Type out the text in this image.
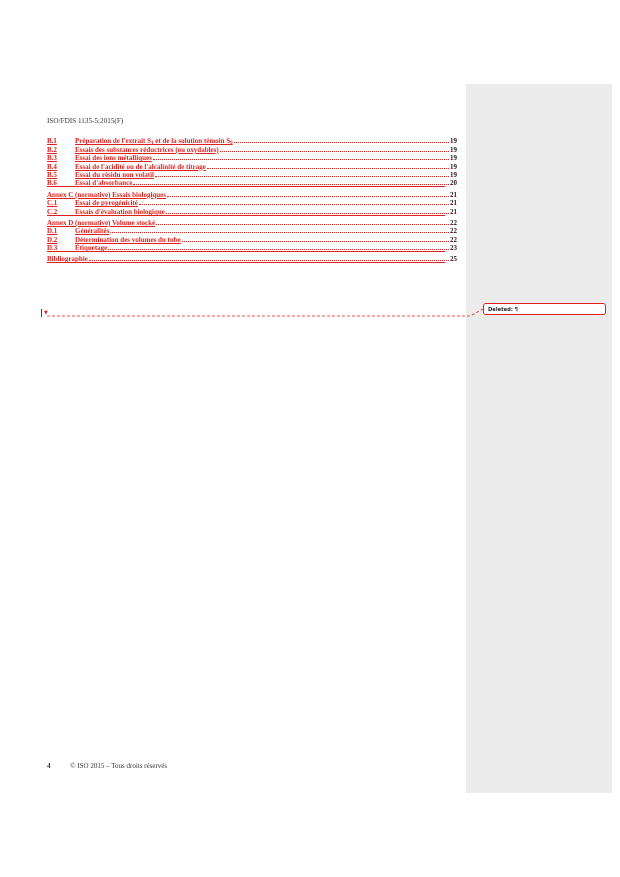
ISO/FDIS 1135-5:2015(F)
B.1	Préparation de l'extrait $S_1$ et de la solution témoin $S_0$	19
B.2	Essais des substances réductrices (ou oxydables)	19
B.3	Essai des ions métalliques	19
B.4	Essai de l'acidité ou de l'alcalinité de titrage	19
B.5	Essai du résidu non volatil	19
B.6	Essai d'absorbance	20
Annex C (normative) Essais biologiques	21
C.1	Essai de pyrogénicité	21
C.2	Essais d'évaluation biologique	21
Annex D (normative) Volume stocké	22
D.1	Généralités	22
D.2	Détermination des volumes du tube	22
D.3	Étiquetage	23
Bibliographie	25
▼	Deleted: ¶
4	© ISO 2015 – Tous droits réservés
